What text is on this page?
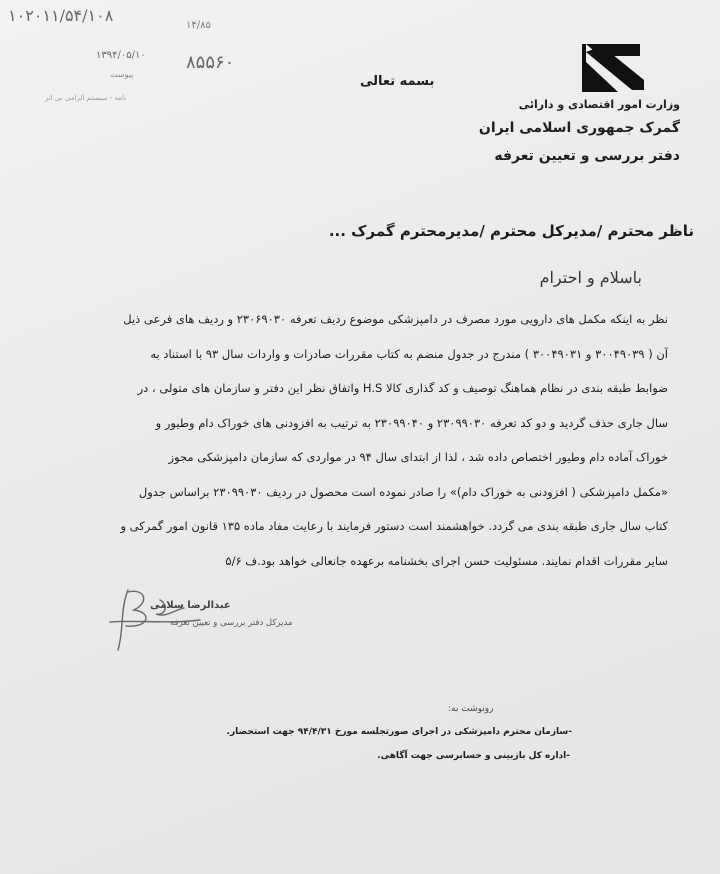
۱۰۲۰۱۱/۵۴/۱۰۸
۱۴/۸۵
۱۳۹۴/۰۵/۱۰ ۸۵۵۶۰
پیوست
نامه - سیستم الزامی بی اثر
بسمه تعالی
وزارت امور اقتصادی و دارائی
گمرک جمهوری اسلامی ایران
دفتر بررسی و تعیین تعرفه
ناظر محترم /مدیرکل محترم /مدیرمحترم گمرک ...
باسلام و احترام
نظر به اینکه مکمل های دارویی مورد مصرف در دامپزشکی موضوع ردیف تعرفه ۲۳۰۶۹۰۳۰ و ردیف های فرعی ذیل
آن ( ۳۰۰۴۹۰۳۹ و ۳۰۰۴۹۰۳۱ ) مندرج در جدول منضم به کتاب مقررات صادرات و واردات سال ۹۳ با استناد به
ضوابط طبقه بندی در نظام هماهنگ توصیف و کد گذاری کالا H.S واتفاق نظر این دفتر و سازمان های متولی ، در
سال جاری حذف گردید و دو کد تعرفه ۲۳۰۹۹۰۳۰ و ۲۳۰۹۹۰۴۰ به ترتیب به افزودنی های خوراک دام وطیور و
خوراک آماده دام وطیور اختصاص داده شد ، لذا از ابتدای سال ۹۴ در مواردی که سازمان دامپزشکی مجوز
«مکمل دامپزشکی ( افزودنی به خوراک دام)» را صادر نموده است محصول در ردیف ۲۳۰۹۹۰۳۰ براساس جدول
کتاب سال جاری طبقه بندی می گردد. خواهشمند است دستور فرمایند با رعایت مفاد ماده ۱۳۵ قانون امور گمرکی و
سایر مقررات اقدام نمایند. مسئولیت حسن اجرای بخشنامه برعهده جانعالی خواهد بود.ف ۵/۶
عبدالرضا سلامی
مدیرکل دفتر بررسی و تعیین تعرفه
رونوشت به:
-سازمان محترم دامپزشکی در اجرای صورتجلسه مورخ ۹۴/۴/۳۱ جهت استحضار.
-اداره کل بازبینی و حسابرسی جهت آگاهی.
